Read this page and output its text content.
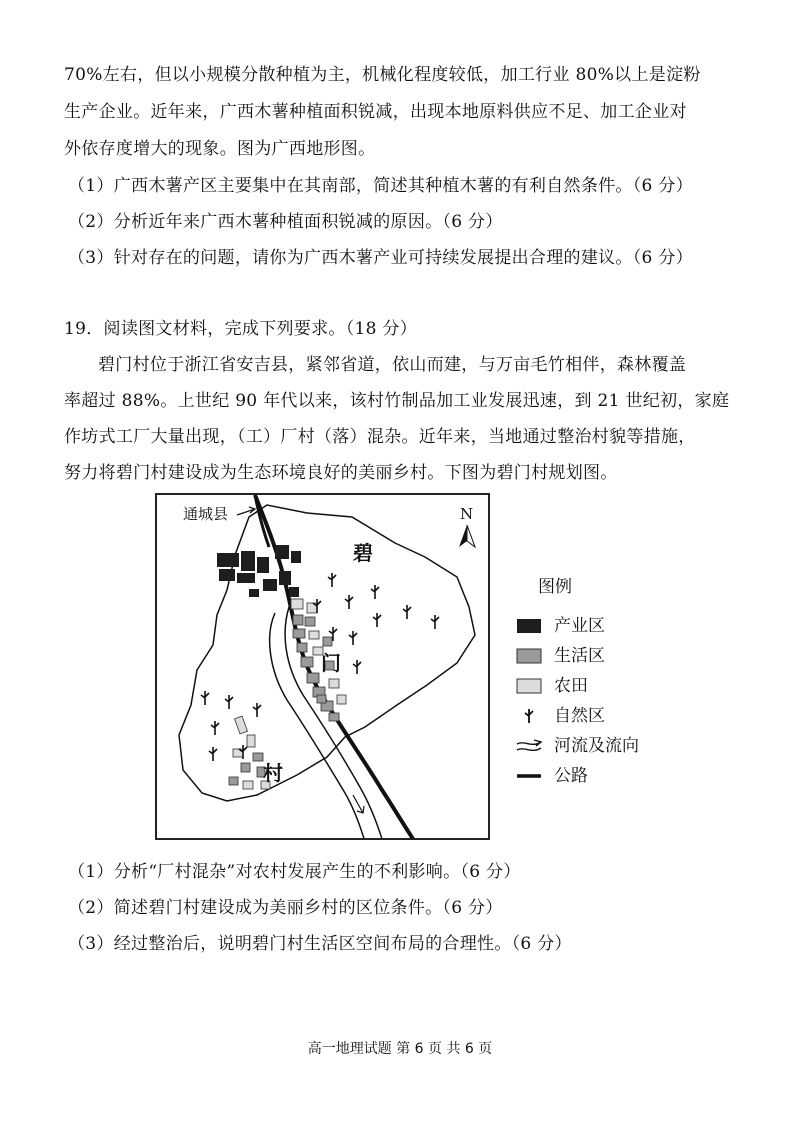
70%左右，但以小规模分散种植为主，机械化程度较低，加工行业 80%以上是淀粉
生产企业。近年来，广西木薯种植面积锐减，出现本地原料供应不足、加工企业对
外依存度增大的现象。图为广西地形图。
（1）广西木薯产区主要集中在其南部，简述其种植木薯的有利自然条件。（6 分）
（2）分析近年来广西木薯种植面积锐减的原因。（6 分）
（3）针对存在的问题，请你为广西木薯产业可持续发展提出合理的建议。（6 分）
19．阅读图文材料，完成下列要求。（18 分）
碧门村位于浙江省安吉县，紧邻省道，依山而建，与万亩毛竹相伴，森林覆盖
率超过 88%。上世纪 90 年代以来，该村竹制品加工业发展迅速，到 21 世纪初，家庭
作坊式工厂大量出现，（工）厂村（落）混杂。近年来，当地通过整治村貌等措施，
努力将碧门村建设成为生态环境良好的美丽乡村。下图为碧门村规划图。
通城县	N
碧
门
村
图例
产业区
生活区
农田
自然区
河流及流向
公路
（1）分析“厂村混杂”对农村发展产生的不利影响。（6 分）
（2）简述碧门村建设成为美丽乡村的区位条件。（6 分）
（3）经过整治后，说明碧门村生活区空间布局的合理性。（6 分）
高一地理试题 第 6 页 共 6 页
